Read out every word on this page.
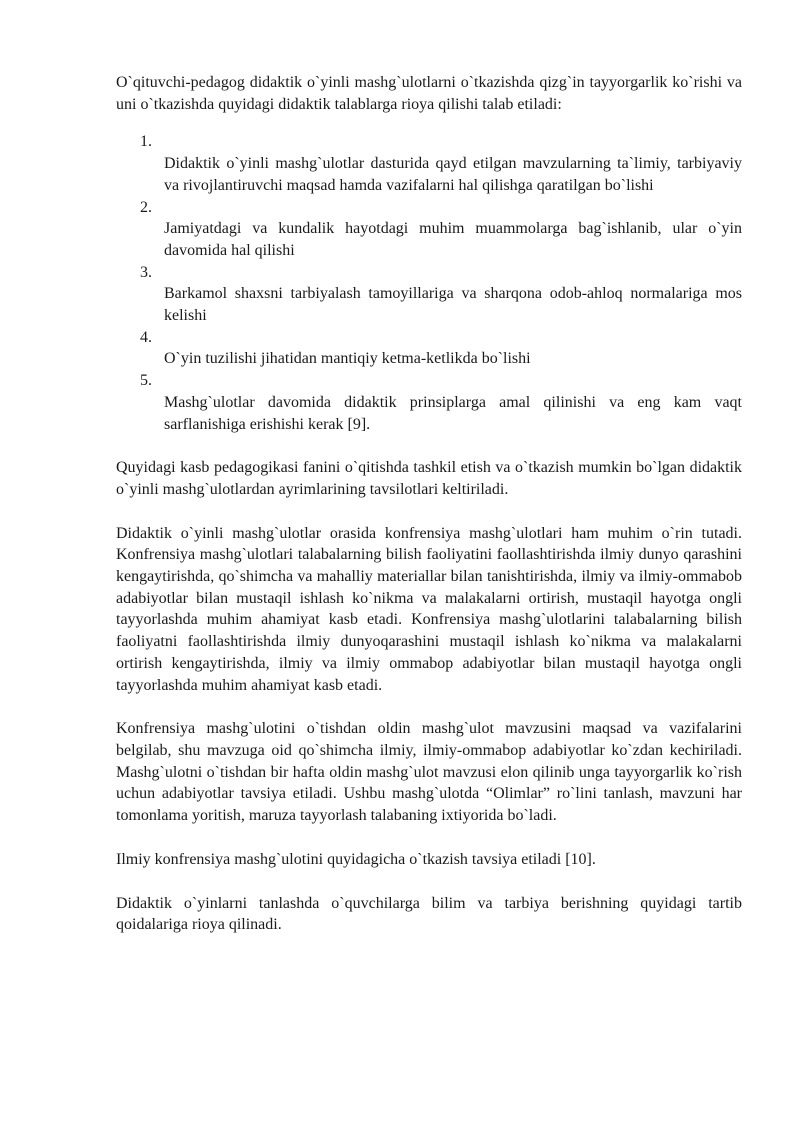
O`qituvchi-pedagog didaktik o`yinli mashg`ulotlarni o`tkazishda qizg`in tayyorgarlik ko`rishi va uni o`tkazishda quyidagi didaktik talablarga rioya qilishi talab etiladi:

1.
Didaktik o`yinli mashg`ulotlar dasturida qayd etilgan mavzularning ta`limiy, tarbiyaviy va rivojlantiruvchi maqsad hamda vazifalarni hal qilishga qaratilgan bo`lishi
2.
Jamiyatdagi va kundalik hayotdagi muhim muammolarga bag`ishlanib, ular o`yin davomida hal qilishi
3.
Barkamol shaxsni tarbiyalash tamoyillariga va sharqona odob-ahloq normalariga mos kelishi
4.
O`yin tuzilishi jihatidan mantiqiy ketma-ketlikda bo`lishi
5.
Mashg`ulotlar davomida didaktik prinsiplarga amal qilinishi va eng kam vaqt sarflanishiga erishishi kerak [9].

Quyidagi kasb pedagogikasi fanini o`qitishda tashkil etish va o`tkazish mumkin bo`lgan didaktik o`yinli mashg`ulotlardan ayrimlarining tavsilotlari keltiriladi.

Didaktik o`yinli mashg`ulotlar orasida konfrensiya mashg`ulotlari ham muhim o`rin tutadi. Konfrensiya mashg`ulotlari talabalarning bilish faoliyatini faollashtirishda ilmiy dunyo qarashini kengaytirishda, qo`shimcha va mahalliy materiallar bilan tanishtirishda, ilmiy va ilmiy-ommabob adabiyotlar bilan mustaqil ishlash ko`nikma va malakalarni ortirish, mustaqil hayotga ongli tayyorlashda muhim ahamiyat kasb etadi. Konfrensiya mashg`ulotlarini talabalarning bilish faoliyatni faollashtirishda ilmiy dunyoqarashini mustaqil ishlash ko`nikma va malakalarni ortirish kengaytirishda, ilmiy va ilmiy ommabop adabiyotlar bilan mustaqil hayotga ongli tayyorlashda muhim ahamiyat kasb etadi.

Konfrensiya mashg`ulotini o`tishdan oldin mashg`ulot mavzusini maqsad va vazifalarini belgilab, shu mavzuga oid qo`shimcha ilmiy, ilmiy-ommabop adabiyotlar ko`zdan kechiriladi. Mashg`ulotni o`tishdan bir hafta oldin mashg`ulot mavzusi elon qilinib unga tayyorgarlik ko`rish uchun adabiyotlar tavsiya etiladi. Ushbu mashg`ulotda “Olimlar” ro`lini tanlash, mavzuni har tomonlama yoritish, maruza tayyorlash talabaning ixtiyorida bo`ladi.

Ilmiy konfrensiya mashg`ulotini quyidagicha o`tkazish tavsiya etiladi [10].

Didaktik o`yinlarni tanlashda o`quvchilarga bilim va tarbiya berishning quyidagi tartib qoidalariga rioya qilinadi.
